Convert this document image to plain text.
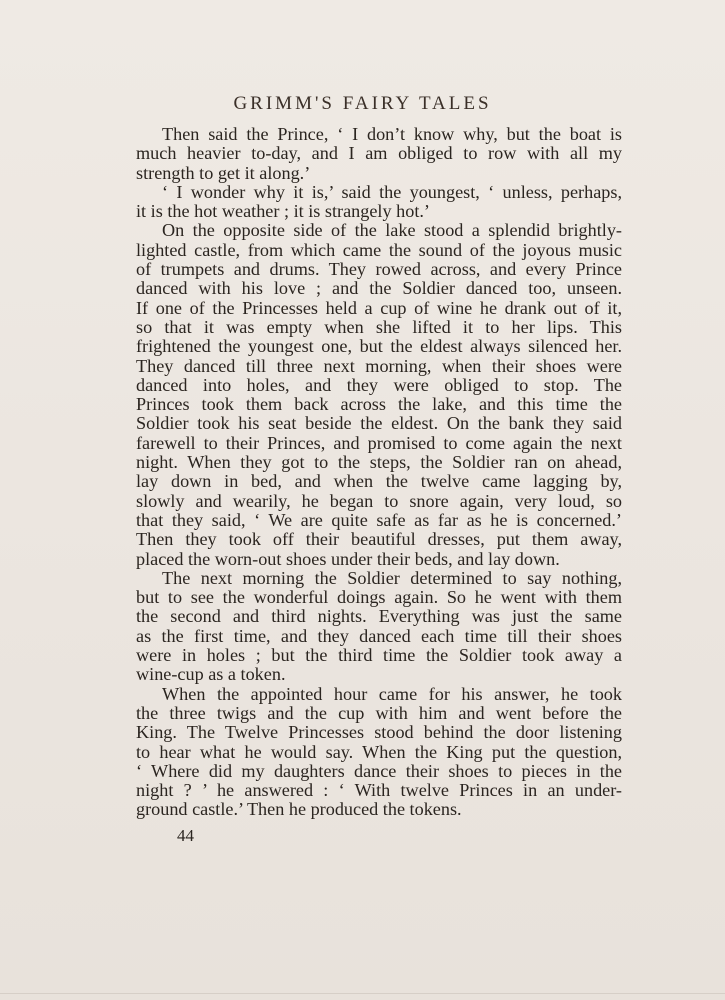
GRIMM'S FAIRY TALES
Then said the Prince, ‘ I don’t know why, but the boat is
much heavier to-day, and I am obliged to row with all my
strength to get it along.’
‘ I wonder why it is,’ said the youngest, ‘ unless, perhaps,
it is the hot weather ; it is strangely hot.’
On the opposite side of the lake stood a splendid brightly-
lighted castle, from which came the sound of the joyous music
of trumpets and drums. They rowed across, and every Prince
danced with his love ; and the Soldier danced too, unseen.
If one of the Princesses held a cup of wine he drank out of it,
so that it was empty when she lifted it to her lips. This
frightened the youngest one, but the eldest always silenced her.
They danced till three next morning, when their shoes were
danced into holes, and they were obliged to stop. The
Princes took them back across the lake, and this time the
Soldier took his seat beside the eldest. On the bank they said
farewell to their Princes, and promised to come again the next
night. When they got to the steps, the Soldier ran on ahead,
lay down in bed, and when the twelve came lagging by,
slowly and wearily, he began to snore again, very loud, so
that they said, ‘ We are quite safe as far as he is concerned.’
Then they took off their beautiful dresses, put them away,
placed the worn-out shoes under their beds, and lay down.
The next morning the Soldier determined to say nothing,
but to see the wonderful doings again. So he went with them
the second and third nights. Everything was just the same
as the first time, and they danced each time till their shoes
were in holes ; but the third time the Soldier took away a
wine-cup as a token.
When the appointed hour came for his answer, he took
the three twigs and the cup with him and went before the
King. The Twelve Princesses stood behind the door listening
to hear what he would say. When the King put the question,
‘ Where did my daughters dance their shoes to pieces in the
night ? ’ he answered : ‘ With twelve Princes in an under-
ground castle.’ Then he produced the tokens.
44
